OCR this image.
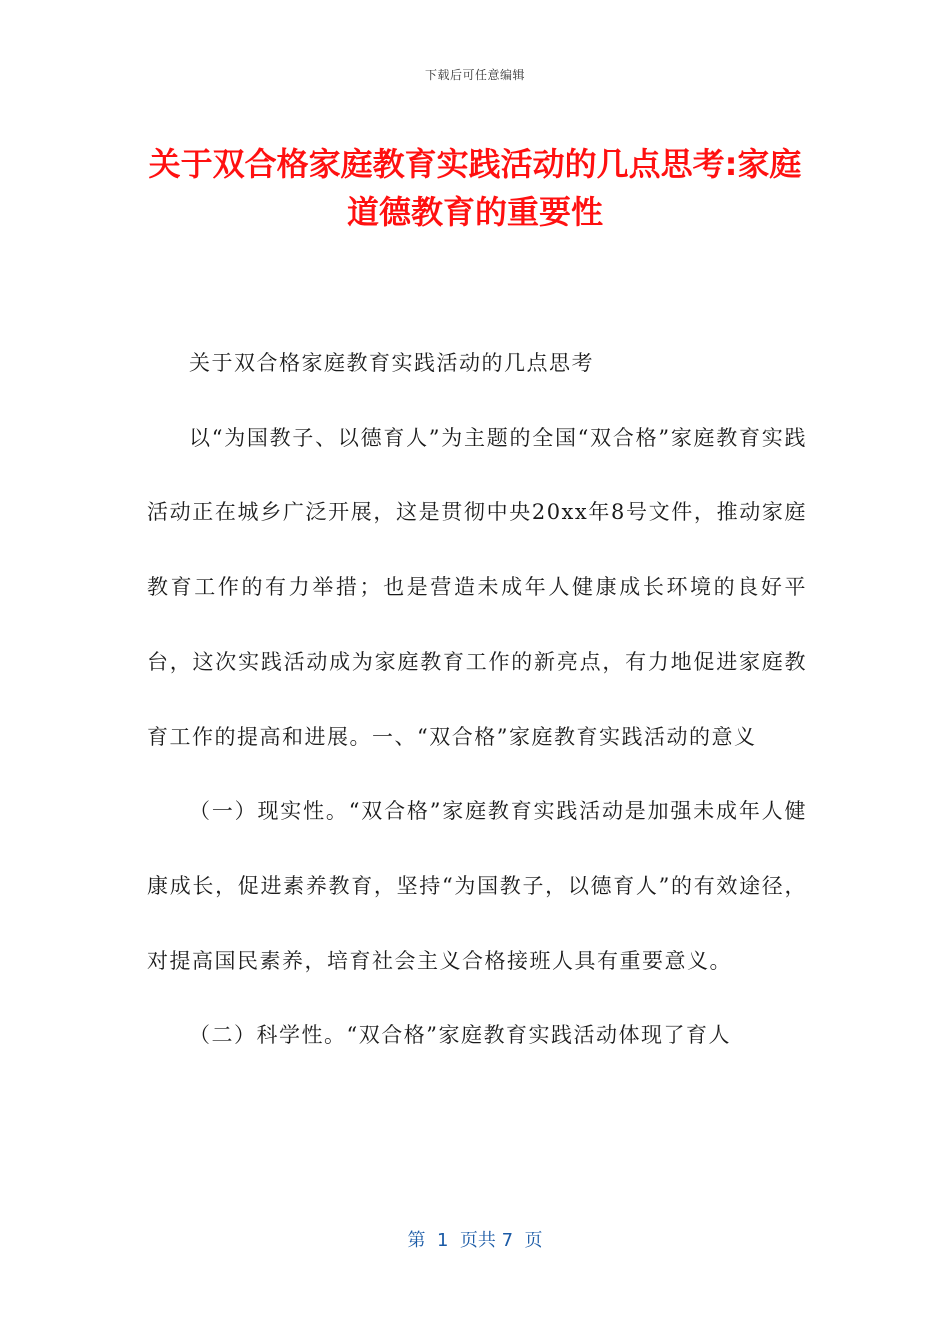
下载后可任意编辑
关于双合格家庭教育实践活动的几点思考:家庭道德教育的重要性

关于双合格家庭教育实践活动的几点思考

以“为国教子、以德育人”为主题的全国“双合格”家庭教育实践活动正在城乡广泛开展，这是贯彻中央20xx年8号文件，推动家庭教育工作的有力举措；也是营造未成年人健康成长环境的良好平台，这次实践活动成为家庭教育工作的新亮点，有力地促进家庭教育工作的提高和进展。一、“双合格”家庭教育实践活动的意义

（一）现实性。“双合格”家庭教育实践活动是加强未成年人健康成长，促进素养教育，坚持“为国教子，以德育人”的有效途径，对提高国民素养，培育社会主义合格接班人具有重要意义。

（二）科学性。“双合格”家庭教育实践活动体现了育人

第  1  页共 7  页
